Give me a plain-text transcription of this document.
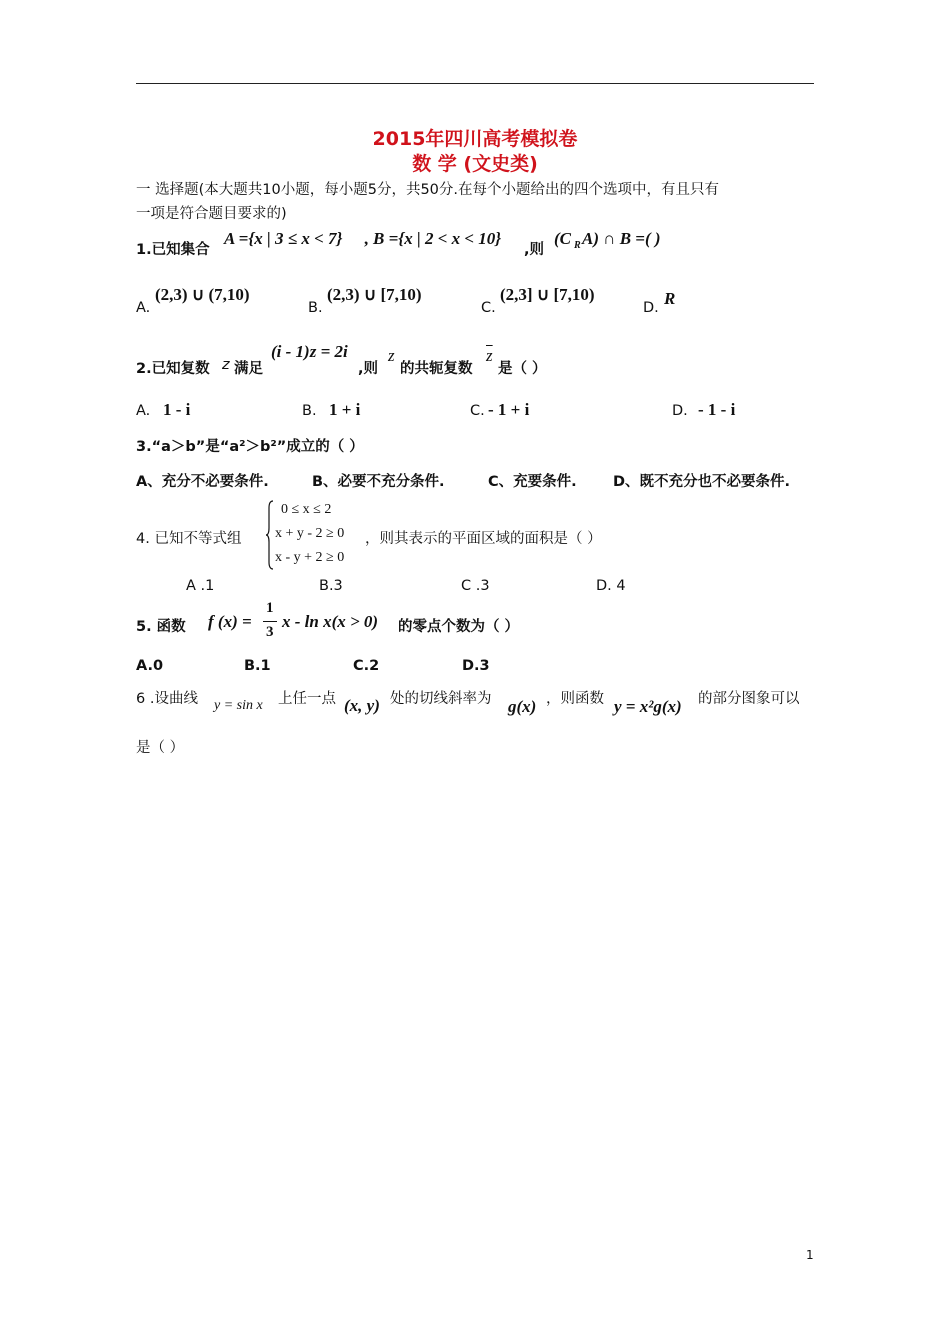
2015年四川高考模拟卷
数 学 (文史类)
一 选择题(本大题共10小题，每小题5分，共50分.在每个小题给出的四个选项中，有且只有
一项是符合题目要求的)
1.已知集合
A ={x | 3 ≤ x < 7} , B ={x | 2 < x < 10}
,则
(C R A) ∩ B =( )
A.
(2,3) ∪ (7,10)
B.
(2,3) ∪ [7,10)
C.
(2,3] ∪ [7,10)
D. R
2.已知复数 z 满足
(i - 1)z = 2i
,则
z
的共轭复数
$\overline{z}$
是（ ）
A. 1 - i	B. 1 + i	C. - 1 + i	D. - 1 - i
3.“a＞b”是“a²＞b²”成立的（ ）
A、充分不必要条件.	B、必要不充分条件.	C、充要条件.	D、既不充分也不必要条件.
4. 已知不等式组
0 ≤ x ≤ 2
x + y - 2 ≥ 0
x - y + 2 ≥ 0
，则其表示的平面区域的面积是（ ）
A .1	B.3	C .3	D. 4
5. 函数 f (x) =
1
3
x - ln x(x > 0) 的零点个数为（ ）
A.0	B.1	C.2	D.3
6 .设曲线 y = sin x 上任一点 (x, y) 处的切线斜率为 g(x) ，则函数 y = x²g(x) 的部分图象可以
是（ ）
1
